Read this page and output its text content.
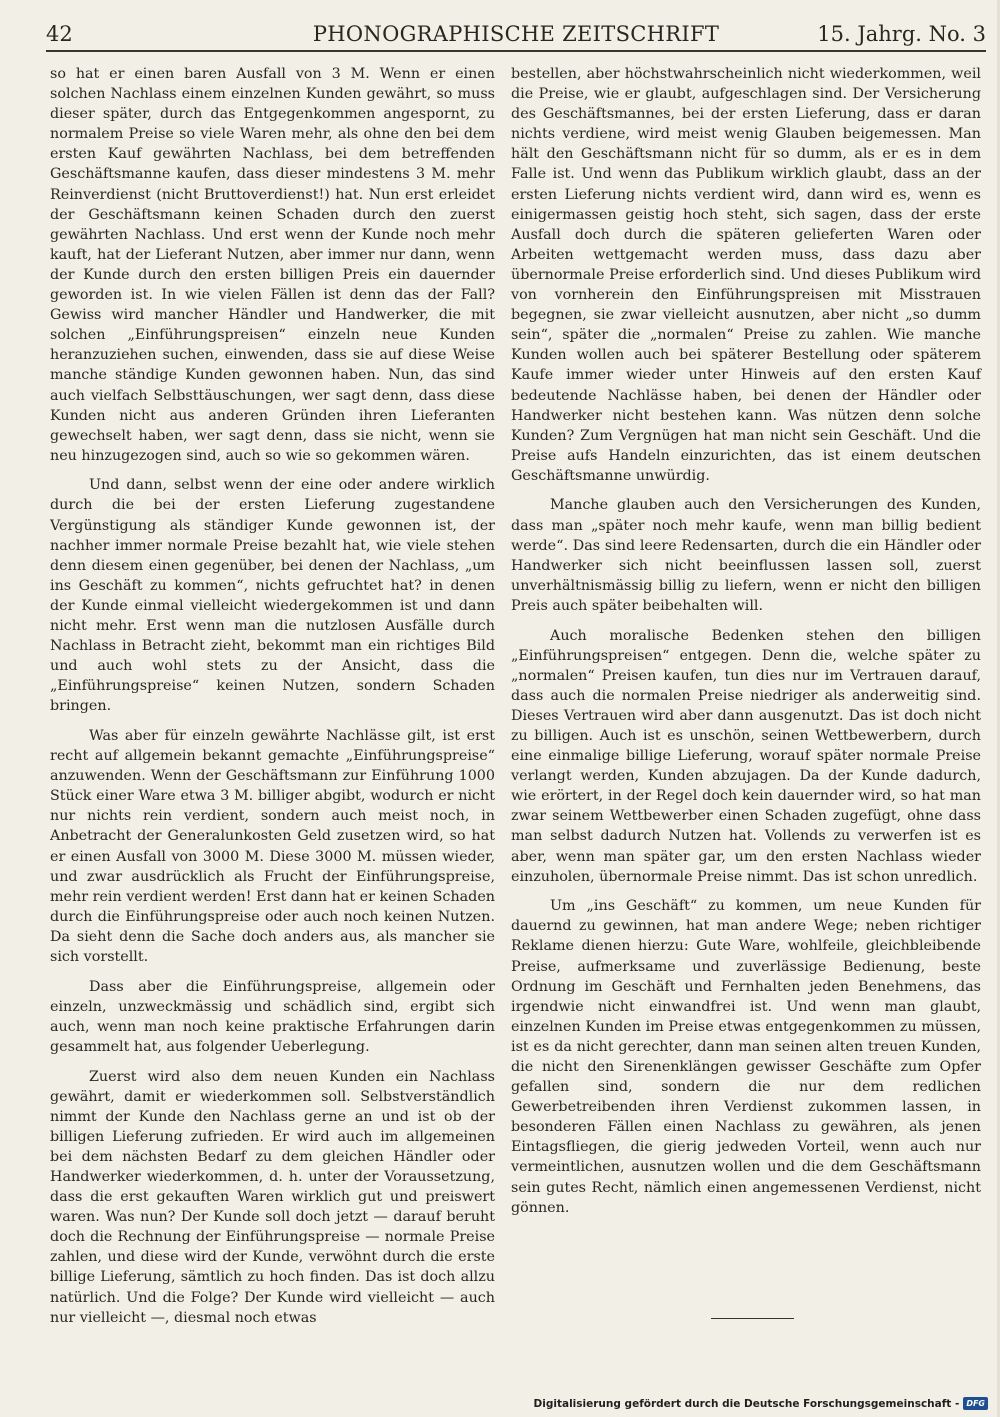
42	PHONOGRAPHISCHE ZEITSCHRIFT	15. Jahrg. No. 3

so hat er einen baren Ausfall von 3 M. Wenn er einen solchen Nachlass einem einzelnen Kunden gewährt, so muss dieser später, durch das Entgegenkommen angespornt, zu normalem Preise so viele Waren mehr, als ohne den bei dem ersten Kauf gewährten Nachlass, bei dem betreffenden Geschäftsmanne kaufen, dass dieser mindestens 3 M. mehr Reinverdienst (nicht Bruttoverdienst!) hat. Nun erst erleidet der Geschäftsmann keinen Schaden durch den zuerst gewährten Nachlass. Und erst wenn der Kunde noch mehr kauft, hat der Lieferant Nutzen, aber immer nur dann, wenn der Kunde durch den ersten billigen Preis ein dauernder geworden ist. In wie vielen Fällen ist denn das der Fall? Gewiss wird mancher Händler und Handwerker, die mit solchen „Einführungspreisen“ einzeln neue Kunden heranzuziehen suchen, einwenden, dass sie auf diese Weise manche ständige Kunden gewonnen haben. Nun, das sind auch vielfach Selbsttäuschungen, wer sagt denn, dass diese Kunden nicht aus anderen Gründen ihren Lieferanten gewechselt haben, wer sagt denn, dass sie nicht, wenn sie neu hinzugezogen sind, auch so wie so gekommen wären.

Und dann, selbst wenn der eine oder andere wirklich durch die bei der ersten Lieferung zugestandene Vergünstigung als ständiger Kunde gewonnen ist, der nachher immer normale Preise bezahlt hat, wie viele stehen denn diesem einen gegenüber, bei denen der Nachlass, „um ins Geschäft zu kommen“, nichts gefruchtet hat? in denen der Kunde einmal vielleicht wiedergekommen ist und dann nicht mehr. Erst wenn man die nutzlosen Ausfälle durch Nachlass in Betracht zieht, bekommt man ein richtiges Bild und auch wohl stets zu der Ansicht, dass die „Einführungspreise“ keinen Nutzen, sondern Schaden bringen.

Was aber für einzeln gewährte Nachlässe gilt, ist erst recht auf allgemein bekannt gemachte „Einführungspreise“ anzuwenden. Wenn der Geschäftsmann zur Einführung 1000 Stück einer Ware etwa 3 M. billiger abgibt, wodurch er nicht nur nichts rein verdient, sondern auch meist noch, in Anbetracht der Generalunkosten Geld zusetzen wird, so hat er einen Ausfall von 3000 M. Diese 3000 M. müssen wieder, und zwar ausdrücklich als Frucht der Einführungspreise, mehr rein verdient werden! Erst dann hat er keinen Schaden durch die Einführungspreise oder auch noch keinen Nutzen. Da sieht denn die Sache doch anders aus, als mancher sie sich vorstellt.

Dass aber die Einführungspreise, allgemein oder einzeln, unzweckmässig und schädlich sind, ergibt sich auch, wenn man noch keine praktische Erfahrungen darin gesammelt hat, aus folgender Ueberlegung.

Zuerst wird also dem neuen Kunden ein Nachlass gewährt, damit er wiederkommen soll. Selbstverständlich nimmt der Kunde den Nachlass gerne an und ist ob der billigen Lieferung zufrieden. Er wird auch im allgemeinen bei dem nächsten Bedarf zu dem gleichen Händler oder Handwerker wiederkommen, d. h. unter der Voraussetzung, dass die erst gekauften Waren wirklich gut und preiswert waren. Was nun? Der Kunde soll doch jetzt — darauf beruht doch die Rechnung der Einführungspreise — normale Preise zahlen, und diese wird der Kunde, verwöhnt durch die erste billige Lieferung, sämtlich zu hoch finden. Das ist doch allzu natürlich. Und die Folge? Der Kunde wird vielleicht — auch nur vielleicht —, diesmal noch etwas

bestellen, aber höchstwahrscheinlich nicht wiederkommen, weil die Preise, wie er glaubt, aufgeschlagen sind. Der Versicherung des Geschäftsmannes, bei der ersten Lieferung, dass er daran nichts verdiene, wird meist wenig Glauben beigemessen. Man hält den Geschäftsmann nicht für so dumm, als er es in dem Falle ist. Und wenn das Publikum wirklich glaubt, dass an der ersten Lieferung nichts verdient wird, dann wird es, wenn es einigermassen geistig hoch steht, sich sagen, dass der erste Ausfall doch durch die späteren gelieferten Waren oder Arbeiten wettgemacht werden muss, dass dazu aber übernormale Preise erforderlich sind. Und dieses Publikum wird von vornherein den Einführungspreisen mit Misstrauen begegnen, sie zwar vielleicht ausnutzen, aber nicht „so dumm sein“, später die „normalen“ Preise zu zahlen. Wie manche Kunden wollen auch bei späterer Bestellung oder späterem Kaufe immer wieder unter Hinweis auf den ersten Kauf bedeutende Nachlässe haben, bei denen der Händler oder Handwerker nicht bestehen kann. Was nützen denn solche Kunden? Zum Vergnügen hat man nicht sein Geschäft. Und die Preise aufs Handeln einzurichten, das ist einem deutschen Geschäftsmanne unwürdig.

Manche glauben auch den Versicherungen des Kunden, dass man „später noch mehr kaufe, wenn man billig bedient werde“. Das sind leere Redensarten, durch die ein Händler oder Handwerker sich nicht beeinflussen lassen soll, zuerst unverhältnismässig billig zu liefern, wenn er nicht den billigen Preis auch später beibehalten will.

Auch moralische Bedenken stehen den billigen „Einführungspreisen“ entgegen. Denn die, welche später zu „normalen“ Preisen kaufen, tun dies nur im Vertrauen darauf, dass auch die normalen Preise niedriger als anderweitig sind. Dieses Vertrauen wird aber dann ausgenutzt. Das ist doch nicht zu billigen. Auch ist es unschön, seinen Wettbewerbern, durch eine einmalige billige Lieferung, worauf später normale Preise verlangt werden, Kunden abzujagen. Da der Kunde dadurch, wie erörtert, in der Regel doch kein dauernder wird, so hat man zwar seinem Wettbewerber einen Schaden zugefügt, ohne dass man selbst dadurch Nutzen hat. Vollends zu verwerfen ist es aber, wenn man später gar, um den ersten Nachlass wieder einzuholen, übernormale Preise nimmt. Das ist schon unredlich.

Um „ins Geschäft“ zu kommen, um neue Kunden für dauernd zu gewinnen, hat man andere Wege; neben richtiger Reklame dienen hierzu: Gute Ware, wohlfeile, gleichbleibende Preise, aufmerksame und zuverlässige Bedienung, beste Ordnung im Geschäft und Fernhalten jeden Benehmens, das irgendwie nicht einwandfrei ist. Und wenn man glaubt, einzelnen Kunden im Preise etwas entgegenkommen zu müssen, ist es da nicht gerechter, dann man seinen alten treuen Kunden, die nicht den Sirenenklängen gewisser Geschäfte zum Opfer gefallen sind, sondern die nur dem redlichen Gewerbetreibenden ihren Verdienst zukommen lassen, in besonderen Fällen einen Nachlass zu gewähren, als jenen Eintagsfliegen, die gierig jedweden Vorteil, wenn auch nur vermeintlichen, ausnutzen wollen und die dem Geschäftsmann sein gutes Recht, nämlich einen angemessenen Verdienst, nicht gönnen.

Digitalisierung gefördert durch die Deutsche Forschungsgemeinschaft - DFG
